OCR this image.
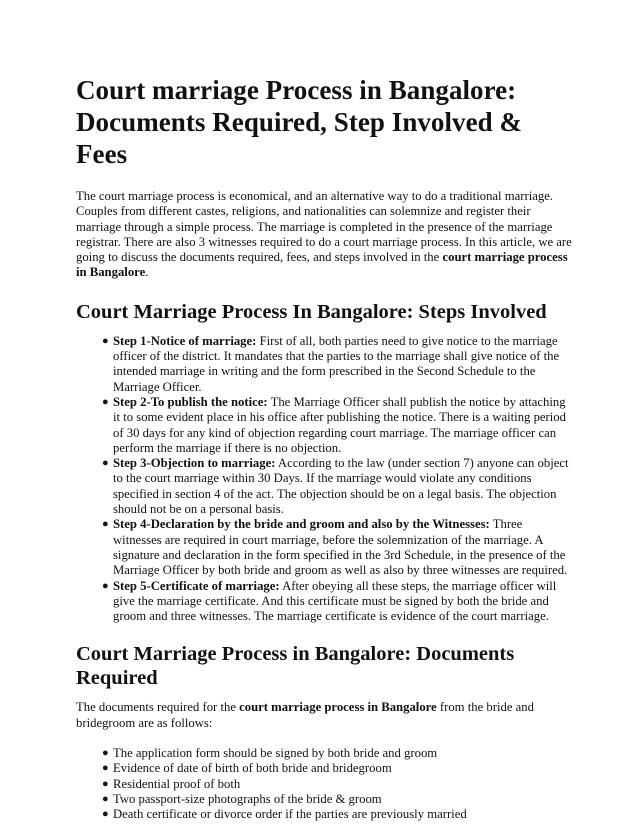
Court marriage Process in Bangalore: Documents Required, Step Involved & Fees

The court marriage process is economical, and an alternative way to do a traditional marriage. Couples from different castes, religions, and nationalities can solemnize and register their marriage through a simple process. The marriage is completed in the presence of the marriage registrar. There are also 3 witnesses required to do a court marriage process. In this article, we are going to discuss the documents required, fees, and steps involved in the court marriage process in Bangalore.

Court Marriage Process In Bangalore: Steps Involved
● Step 1-Notice of marriage: First of all, both parties need to give notice to the marriage officer of the district. It mandates that the parties to the marriage shall give notice of the intended marriage in writing and the form prescribed in the Second Schedule to the Marriage Officer.
● Step 2-To publish the notice: The Marriage Officer shall publish the notice by attaching it to some evident place in his office after publishing the notice. There is a waiting period of 30 days for any kind of objection regarding court marriage. The marriage officer can perform the marriage if there is no objection.
● Step 3-Objection to marriage: According to the law (under section 7) anyone can object to the court marriage within 30 Days. If the marriage would violate any conditions specified in section 4 of the act. The objection should be on a legal basis. The objection should not be on a personal basis.
● Step 4-Declaration by the bride and groom and also by the Witnesses: Three witnesses are required in court marriage, before the solemnization of the marriage. A signature and declaration in the form specified in the 3rd Schedule, in the presence of the Marriage Officer by both bride and groom as well as also by three witnesses are required.
● Step 5-Certificate of marriage: After obeying all these steps, the marriage officer will give the marriage certificate. And this certificate must be signed by both the bride and groom and three witnesses. The marriage certificate is evidence of the court marriage.
Court Marriage Process in Bangalore: Documents Required

The documents required for the court marriage process in Bangalore from the bride and bridegroom are as follows:

● The application form should be signed by both bride and groom
● Evidence of date of birth of both bride and bridegroom
● Residential proof of both
● Two passport-size photographs of the bride & groom
● Death certificate or divorce order if the parties are previously married
